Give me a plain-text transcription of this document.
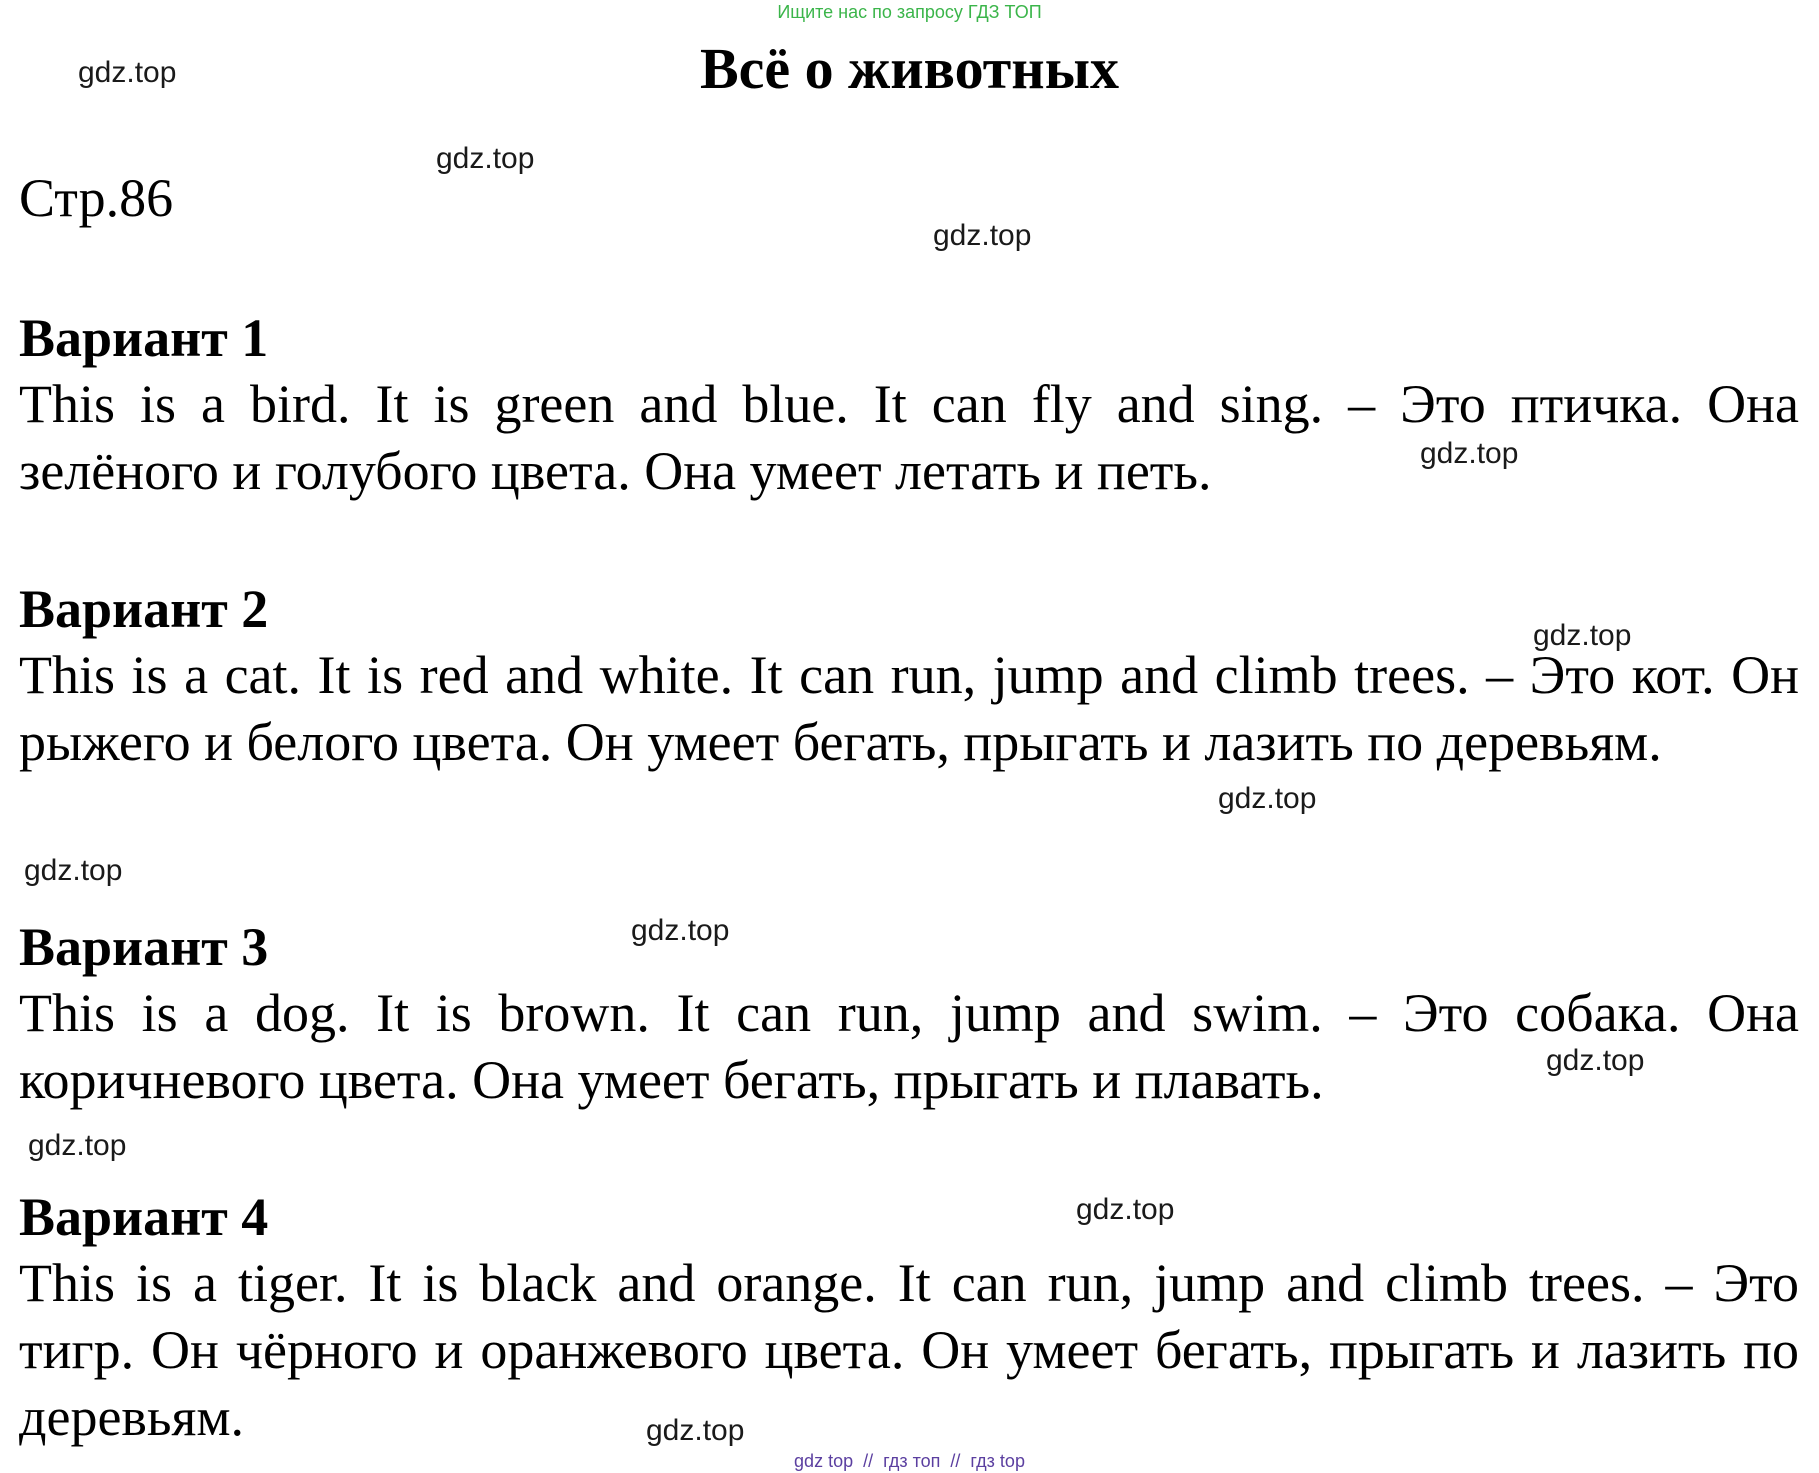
Ищите нас по запросу ГДЗ ТОП
Всё о животных
Стр.86
gdz.top
gdz.top
gdz.top
gdz.top
gdz.top
gdz.top
gdz.top
gdz.top
gdz.top
gdz.top
gdz.top
gdz.top
Вариант 1

This is a bird. It is green and blue. It can fly and sing. – Это птичка. Она зелёного и голубого цвета. Она умеет летать и петь.

Вариант 2

This is a cat. It is red and white. It can run, jump and climb trees. – Это кот. Он рыжего и белого цвета. Он умеет бегать, прыгать и лазить по деревьям.

Вариант 3

This is a dog. It is brown. It can run, jump and swim. – Это собака. Она коричневого цвета. Она умеет бегать, прыгать и плавать.

Вариант 4

This is a tiger. It is black and orange. It can run, jump and climb trees. – Это тигр. Он чёрного и оранжевого цвета. Он умеет бегать, прыгать и лазить по деревьям.

gdz top  //  гдз топ  //  гдз top
